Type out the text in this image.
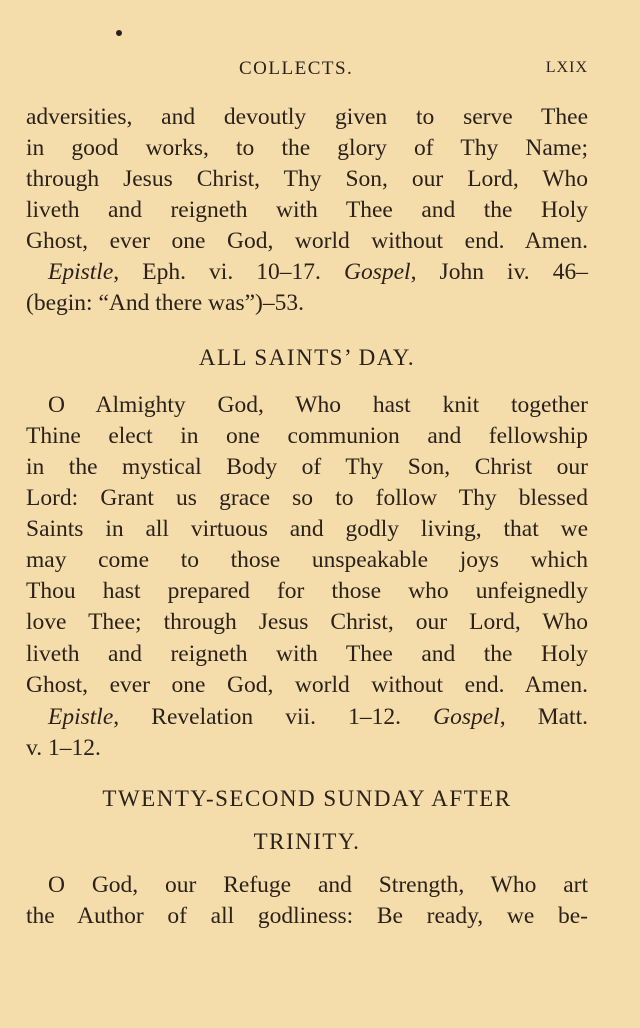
COLLECTS.	LXIX
adversities, and devoutly given to serve Thee
in good works, to the glory of Thy Name;
through Jesus Christ, Thy Son, our Lord, Who
liveth and reigneth with Thee and the Holy
Ghost, ever one God, world without end. Amen.
Epistle, Eph. vi. 10–17. Gospel, John iv. 46–
(begin: “And there was”)–53.
ALL SAINTS’ DAY.
O Almighty God, Who hast knit together
Thine elect in one communion and fellowship
in the mystical Body of Thy Son, Christ our
Lord: Grant us grace so to follow Thy blessed
Saints in all virtuous and godly living, that we
may come to those unspeakable joys which
Thou hast prepared for those who unfeignedly
love Thee; through Jesus Christ, our Lord, Who
liveth and reigneth with Thee and the Holy
Ghost, ever one God, world without end. Amen.
Epistle, Revelation vii. 1–12. Gospel, Matt.
v. 1–12.
TWENTY-SECOND SUNDAY AFTER
TRINITY.
O God, our Refuge and Strength, Who art
the Author of all godliness: Be ready, we be-
